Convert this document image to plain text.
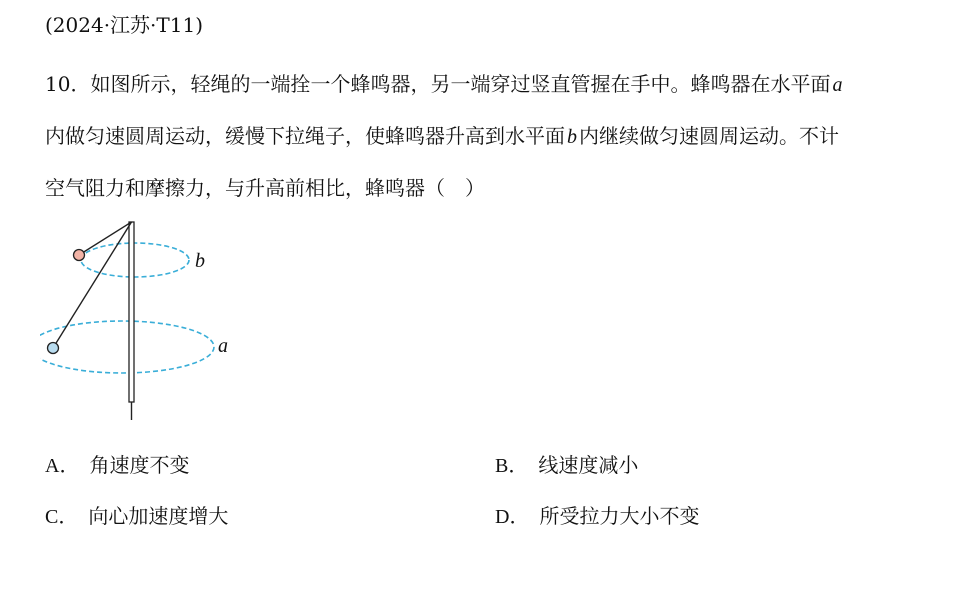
(2024·江苏·T11)
10．如图所示，轻绳的一端拴一个蜂鸣器，另一端穿过竖直管握在手中。蜂鸣器在水平面 a
内做匀速圆周运动，缓慢下拉绳子，使蜂鸣器升高到水平面 b 内继续做匀速圆周运动。不计
空气阻力和摩擦力，与升高前相比，蜂鸣器（　）
b
a
A． 角速度不变	B． 线速度减小
C． 向心加速度增大	D． 所受拉力大小不变
